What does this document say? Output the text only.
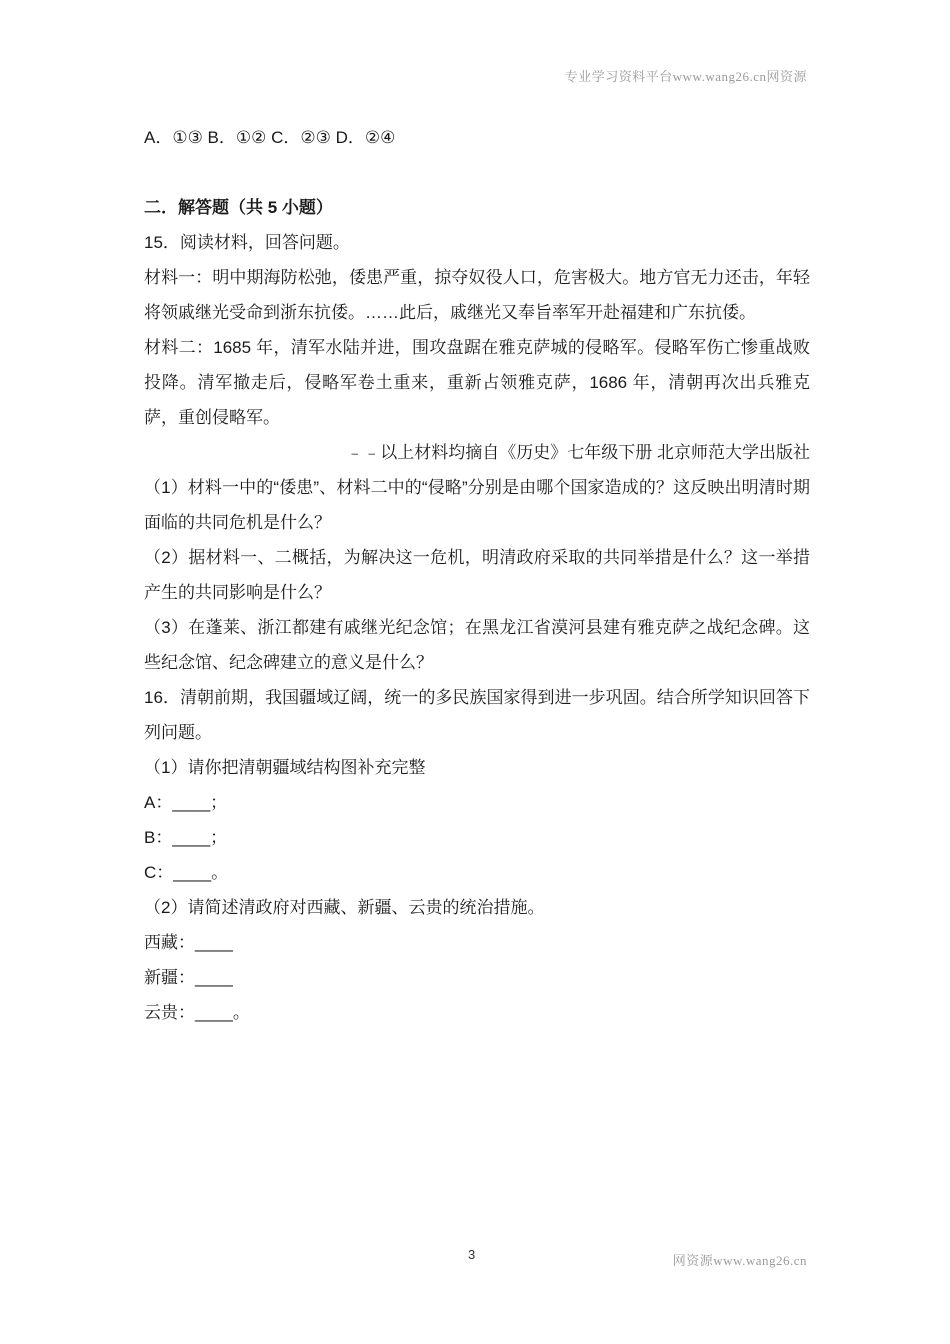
专业学习资料平台www.wang26.cn网资源
A．①③ B．①② C．②③ D．②④
二．解答题（共 5 小题）
15．阅读材料，回答问题。
材料一：明中期海防松弛，倭患严重，掠夺奴役人口，危害极大。地方官无力还击，年轻将领戚继光受命到浙东抗倭。……此后，戚继光又奉旨率军开赴福建和广东抗倭。
材料二：1685 年，清军水陆并进，围攻盘踞在雅克萨城的侵略军。侵略军伤亡惨重战败投降。清军撤走后，侵略军卷土重来，重新占领雅克萨，1686 年，清朝再次出兵雅克萨，重创侵略军。
﹣﹣以上材料均摘自《历史》七年级下册 北京师范大学出版社
（1）材料一中的“倭患”、材料二中的“侵略”分别是由哪个国家造成的？这反映出明清时期面临的共同危机是什么？
（2）据材料一、二概括，为解决这一危机，明清政府采取的共同举措是什么？这一举措产生的共同影响是什么？
（3）在蓬莱、浙江都建有戚继光纪念馆；在黑龙江省漠河县建有雅克萨之战纪念碑。这些纪念馆、纪念碑建立的意义是什么？
16．清朝前期，我国疆域辽阔，统一的多民族国家得到进一步巩固。结合所学知识回答下列问题。
（1）请你把清朝疆域结构图补充完整
A：____；
B：____；
C：____。
（2）请简述清政府对西藏、新疆、云贵的统治措施。
西藏：____
新疆：____
云贵：____。
3	网资源www.wang26.cn
